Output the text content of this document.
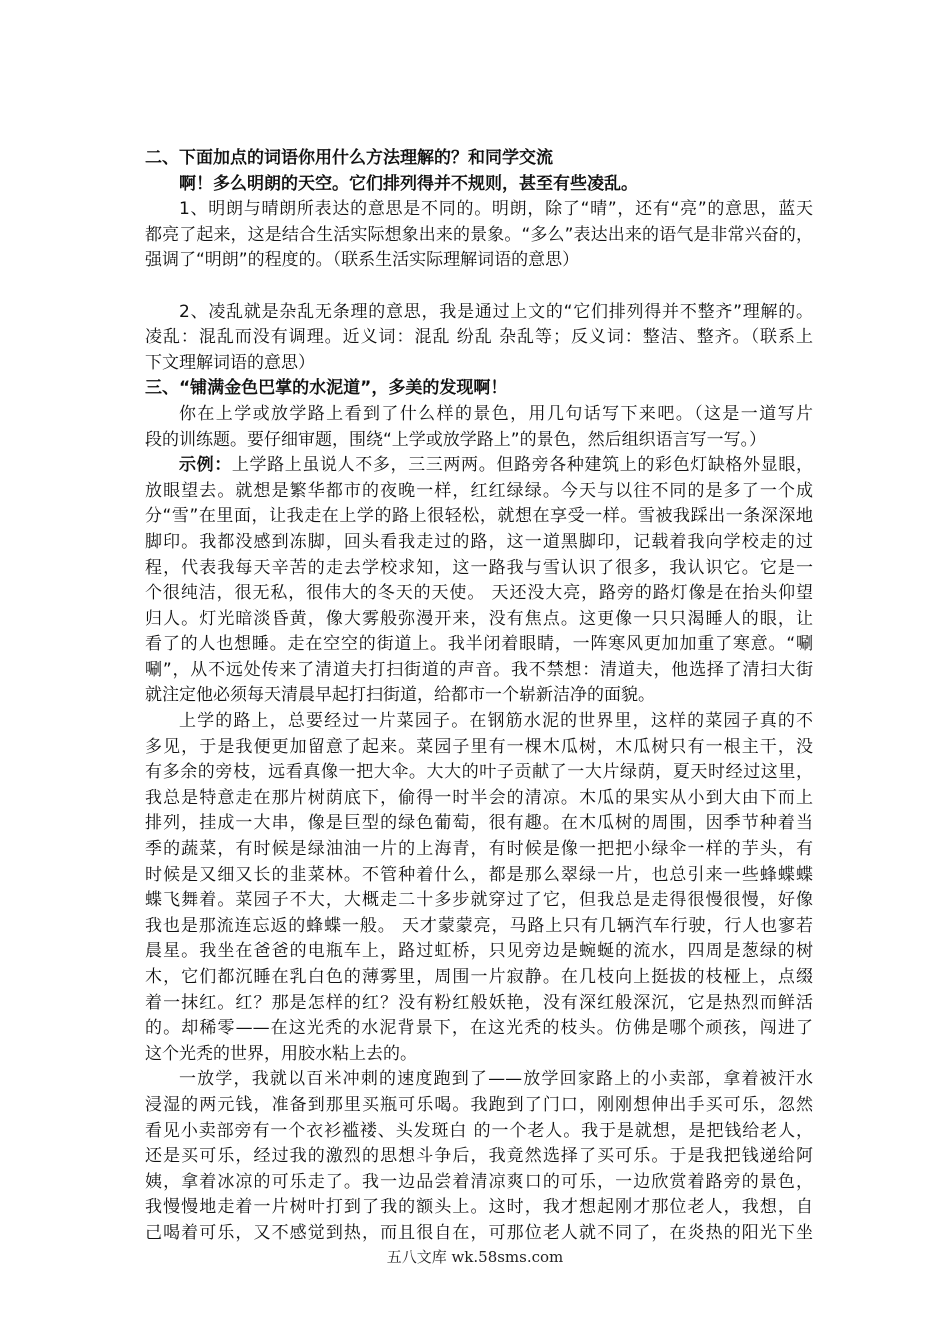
二、下面加点的词语你用什么方法理解的？和同学交流
啊！多么明朗的天空。它们排列得并不规则，甚至有些凌乱。
1、明朗与晴朗所表达的意思是不同的。明朗，除了“晴”，还有“亮”的意思，蓝天
都亮了起来，这是结合生活实际想象出来的景象。“多么”表达出来的语气是非常兴奋的，
强调了“明朗”的程度的。（联系生活实际理解词语的意思）
2、凌乱就是杂乱无条理的意思，我是通过上文的“它们排列得并不整齐”理解的。
凌乱：混乱而没有调理。近义词：混乱 纷乱 杂乱等；反义词：整洁、整齐。（联系上
下文理解词语的意思）
三、“铺满金色巴掌的水泥道”，多美的发现啊！
你在上学或放学路上看到了什么样的景色，用几句话写下来吧。（这是一道写片
段的训练题。要仔细审题，围绕“上学或放学路上”的景色，然后组织语言写一写。）
示例：上学路上虽说人不多，三三两两。但路旁各种建筑上的彩色灯缺格外显眼，
放眼望去。就想是繁华都市的夜晚一样，红红绿绿。今天与以往不同的是多了一个成
分“雪”在里面，让我走在上学的路上很轻松，就想在享受一样。雪被我踩出一条深深地
脚印。我都没感到冻脚，回头看我走过的路，这一道黑脚印，记载着我向学校走的过
程，代表我每天辛苦的走去学校求知，这一路我与雪认识了很多，我认识它。它是一
个很纯洁，很无私，很伟大的冬天的天使。 天还没大亮，路旁的路灯像是在抬头仰望
归人。灯光暗淡昏黄，像大雾般弥漫开来，没有焦点。这更像一只只渴睡人的眼，让
看了的人也想睡。走在空空的街道上。我半闭着眼睛，一阵寒风更加加重了寒意。“唰
唰”，从不远处传来了清道夫打扫街道的声音。我不禁想：清道夫，他选择了清扫大街
就注定他必须每天清晨早起打扫街道，给都市一个崭新洁净的面貌。
上学的路上，总要经过一片菜园子。在钢筋水泥的世界里，这样的菜园子真的不
多见，于是我便更加留意了起来。菜园子里有一棵木瓜树，木瓜树只有一根主干，没
有多余的旁枝，远看真像一把大伞。大大的叶子贡献了一大片绿荫，夏天时经过这里，
我总是特意走在那片树荫底下，偷得一时半会的清凉。木瓜的果实从小到大由下而上
排列，挂成一大串，像是巨型的绿色葡萄，很有趣。在木瓜树的周围，因季节种着当
季的蔬菜，有时候是绿油油一片的上海青，有时候是像一把把小绿伞一样的芋头，有
时候是又细又长的韭菜林。不管种着什么，都是那么翠绿一片，也总引来一些蜂蝶蝶
蝶飞舞着。菜园子不大，大概走二十多步就穿过了它，但我总是走得很慢很慢，好像
我也是那流连忘返的蜂蝶一般。 天才蒙蒙亮，马路上只有几辆汽车行驶，行人也寥若
晨星。我坐在爸爸的电瓶车上，路过虹桥，只见旁边是蜿蜒的流水，四周是葱绿的树
木，它们都沉睡在乳白色的薄雾里，周围一片寂静。在几枝向上挺拔的枝桠上，点缀
着一抹红。红？那是怎样的红？没有粉红般妖艳，没有深红般深沉，它是热烈而鲜活
的。却稀零——在这光秃的水泥背景下，在这光秃的枝头。仿佛是哪个顽孩，闯进了
这个光秃的世界，用胶水粘上去的。
一放学，我就以百米冲刺的速度跑到了——放学回家路上的小卖部，拿着被汗水
浸湿的两元钱，准备到那里买瓶可乐喝。我跑到了门口，刚刚想伸出手买可乐，忽然
看见小卖部旁有一个衣衫褴褛、头发斑白 的一个老人。我于是就想，是把钱给老人，
还是买可乐，经过我的激烈的思想斗争后，我竟然选择了买可乐。于是我把钱递给阿
姨，拿着冰凉的可乐走了。我一边品尝着清凉爽口的可乐，一边欣赏着路旁的景色，
我慢慢地走着一片树叶打到了我的额头上。这时，我才想起刚才那位老人，我想，自
己喝着可乐，又不感觉到热，而且很自在，可那位老人就不同了，在炎热的阳光下坐
五八文库 wk.58sms.com
